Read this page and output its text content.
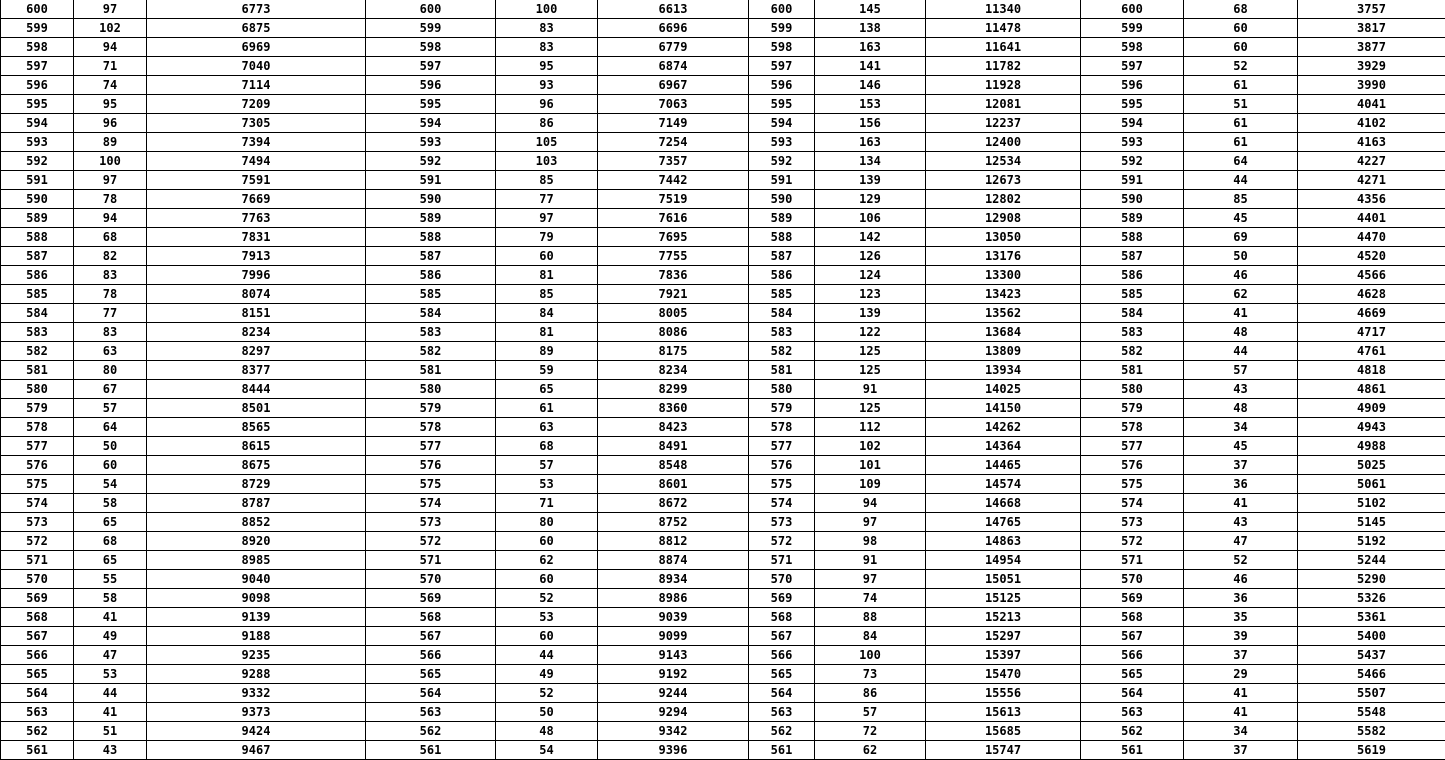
600	97	6773	600	100	6613	600	145	11340	600	68	3757
599	102	6875	599	83	6696	599	138	11478	599	60	3817
598	94	6969	598	83	6779	598	163	11641	598	60	3877
597	71	7040	597	95	6874	597	141	11782	597	52	3929
596	74	7114	596	93	6967	596	146	11928	596	61	3990
595	95	7209	595	96	7063	595	153	12081	595	51	4041
594	96	7305	594	86	7149	594	156	12237	594	61	4102
593	89	7394	593	105	7254	593	163	12400	593	61	4163
592	100	7494	592	103	7357	592	134	12534	592	64	4227
591	97	7591	591	85	7442	591	139	12673	591	44	4271
590	78	7669	590	77	7519	590	129	12802	590	85	4356
589	94	7763	589	97	7616	589	106	12908	589	45	4401
588	68	7831	588	79	7695	588	142	13050	588	69	4470
587	82	7913	587	60	7755	587	126	13176	587	50	4520
586	83	7996	586	81	7836	586	124	13300	586	46	4566
585	78	8074	585	85	7921	585	123	13423	585	62	4628
584	77	8151	584	84	8005	584	139	13562	584	41	4669
583	83	8234	583	81	8086	583	122	13684	583	48	4717
582	63	8297	582	89	8175	582	125	13809	582	44	4761
581	80	8377	581	59	8234	581	125	13934	581	57	4818
580	67	8444	580	65	8299	580	91	14025	580	43	4861
579	57	8501	579	61	8360	579	125	14150	579	48	4909
578	64	8565	578	63	8423	578	112	14262	578	34	4943
577	50	8615	577	68	8491	577	102	14364	577	45	4988
576	60	8675	576	57	8548	576	101	14465	576	37	5025
575	54	8729	575	53	8601	575	109	14574	575	36	5061
574	58	8787	574	71	8672	574	94	14668	574	41	5102
573	65	8852	573	80	8752	573	97	14765	573	43	5145
572	68	8920	572	60	8812	572	98	14863	572	47	5192
571	65	8985	571	62	8874	571	91	14954	571	52	5244
570	55	9040	570	60	8934	570	97	15051	570	46	5290
569	58	9098	569	52	8986	569	74	15125	569	36	5326
568	41	9139	568	53	9039	568	88	15213	568	35	5361
567	49	9188	567	60	9099	567	84	15297	567	39	5400
566	47	9235	566	44	9143	566	100	15397	566	37	5437
565	53	9288	565	49	9192	565	73	15470	565	29	5466
564	44	9332	564	52	9244	564	86	15556	564	41	5507
563	41	9373	563	50	9294	563	57	15613	563	41	5548
562	51	9424	562	48	9342	562	72	15685	562	34	5582
561	43	9467	561	54	9396	561	62	15747	561	37	5619
